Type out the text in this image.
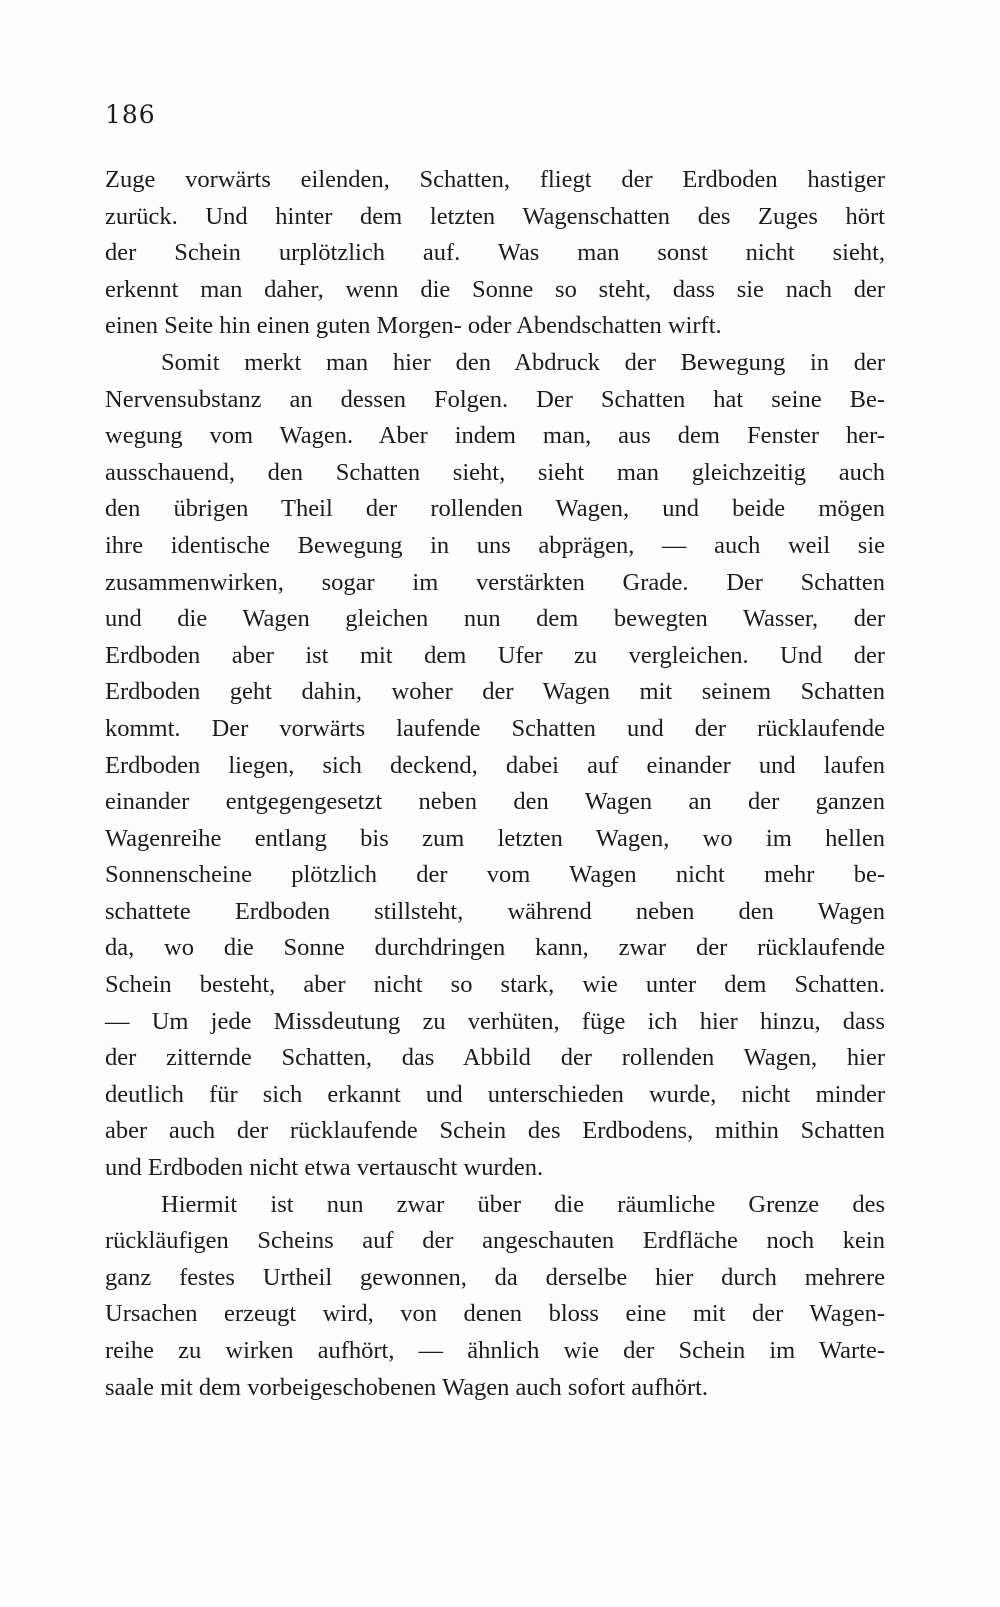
186
Zuge vorwärts eilenden, Schatten, fliegt der Erdboden hastiger
zurück. Und hinter dem letzten Wagenschatten des Zuges hört
der Schein urplötzlich auf. Was man sonst nicht sieht,
erkennt man daher, wenn die Sonne so steht, dass sie nach der
einen Seite hin einen guten Morgen- oder Abendschatten wirft.
Somit merkt man hier den Abdruck der Bewegung in der
Nervensubstanz an dessen Folgen. Der Schatten hat seine Be-
wegung vom Wagen. Aber indem man, aus dem Fenster her-
ausschauend, den Schatten sieht, sieht man gleichzeitig auch
den übrigen Theil der rollenden Wagen, und beide mögen
ihre identische Bewegung in uns abprägen, — auch weil sie
zusammenwirken, sogar im verstärkten Grade. Der Schatten
und die Wagen gleichen nun dem bewegten Wasser, der
Erdboden aber ist mit dem Ufer zu vergleichen. Und der
Erdboden geht dahin, woher der Wagen mit seinem Schatten
kommt. Der vorwärts laufende Schatten und der rücklaufende
Erdboden liegen, sich deckend, dabei auf einander und laufen
einander entgegengesetzt neben den Wagen an der ganzen
Wagenreihe entlang bis zum letzten Wagen, wo im hellen
Sonnenscheine plötzlich der vom Wagen nicht mehr be-
schattete Erdboden stillsteht, während neben den Wagen
da, wo die Sonne durchdringen kann, zwar der rücklaufende
Schein besteht, aber nicht so stark, wie unter dem Schatten.
— Um jede Missdeutung zu verhüten, füge ich hier hinzu, dass
der zitternde Schatten, das Abbild der rollenden Wagen, hier
deutlich für sich erkannt und unterschieden wurde, nicht minder
aber auch der rücklaufende Schein des Erdbodens, mithin Schatten
und Erdboden nicht etwa vertauscht wurden.
Hiermit ist nun zwar über die räumliche Grenze des
rückläufigen Scheins auf der angeschauten Erdfläche noch kein
ganz festes Urtheil gewonnen, da derselbe hier durch mehrere
Ursachen erzeugt wird, von denen bloss eine mit der Wagen-
reihe zu wirken aufhört, — ähnlich wie der Schein im Warte-
saale mit dem vorbeigeschobenen Wagen auch sofort aufhört.
